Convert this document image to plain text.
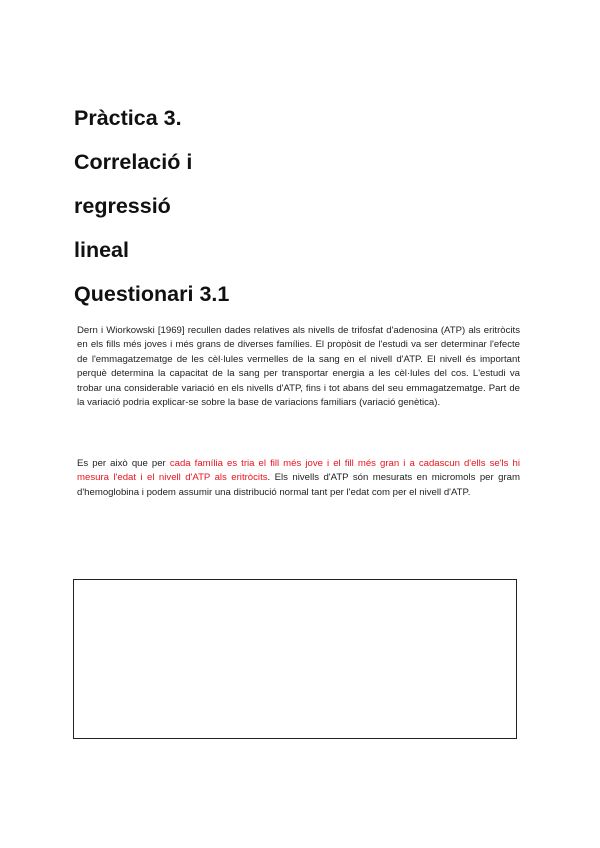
Pràctica 3.
Correlació i
regressió
lineal
Questionari 3.1

Dern i Wiorkowski [1969] recullen dades relatives als nivells de trifosfat d'adenosina (ATP) als eritròcits en els fills més joves i més grans de diverses famílies. El propòsit de l'estudi va ser determinar l'efecte de l'emmagatzematge de les cèl·lules vermelles de la sang en el nivell d'ATP. El nivell és important perquè determina la capacitat de la sang per transportar energia a les cèl·lules del cos. L'estudi va trobar una considerable variació en els nivells d'ATP, fins i tot abans del seu emmagatzematge. Part de la variació podria explicar-se sobre la base de variacions familiars (variació genètica).

Es per això que per cada família es tria el fill més jove i el fill més gran i a cadascun d'ells se'ls hi mesura l'edat i el nivell d'ATP als eritròcits. Els nivells d'ATP són mesurats en micromols per gram d'hemoglobina i podem assumir una distribució normal tant per l'edat com per el nivell d'ATP.
